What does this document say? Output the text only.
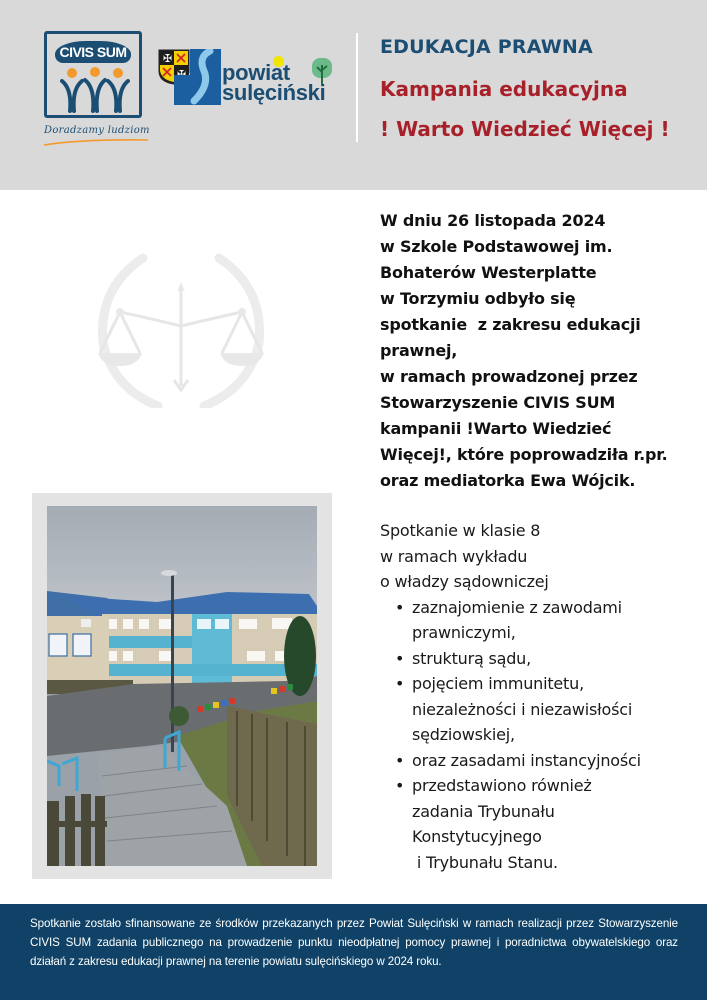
CIVIS SUM
Doradzamy ludziom
✠
✠ powiat
sulęciński
EDUKACJA PRAWNA
Kampania edukacyjna
! Warto Wiedzieć Więcej !
W dniu 26 listopada 2024
w Szkole Podstawowej im.
Bohaterów Westerplatte
w Torzymiu odbyło się
spotkanie  z zakresu edukacji
prawnej,
w ramach prowadzonej przez
Stowarzyszenie CIVIS SUM
kampanii !Warto Wiedzieć
Więcej!, które poprowadziła r.pr.
oraz mediatorka Ewa Wójcik.
Spotkanie w klasie 8
w ramach wykładu
o władzy sądowniczej
• zaznajomienie z zawodami
prawniczymi,
• strukturą sądu,
• pojęciem immunitetu,
niezależności i niezawisłości
sędziowskiej,
• oraz zasadami instancyjności
• przedstawiono również
zadania Trybunału
Konstytucyjnego
i Trybunału Stanu.
Spotkanie zostało sfinansowane ze środków przekazanych przez Powiat Sulęciński w ramach realizacji przez Stowarzyszenie CIVIS SUM zadania publicznego na prowadzenie punktu nieodpłatnej pomocy prawnej i poradnictwa obywatelskiego oraz działań z zakresu edukacji prawnej na terenie powiatu sulęcińskiego w 2024 roku.
